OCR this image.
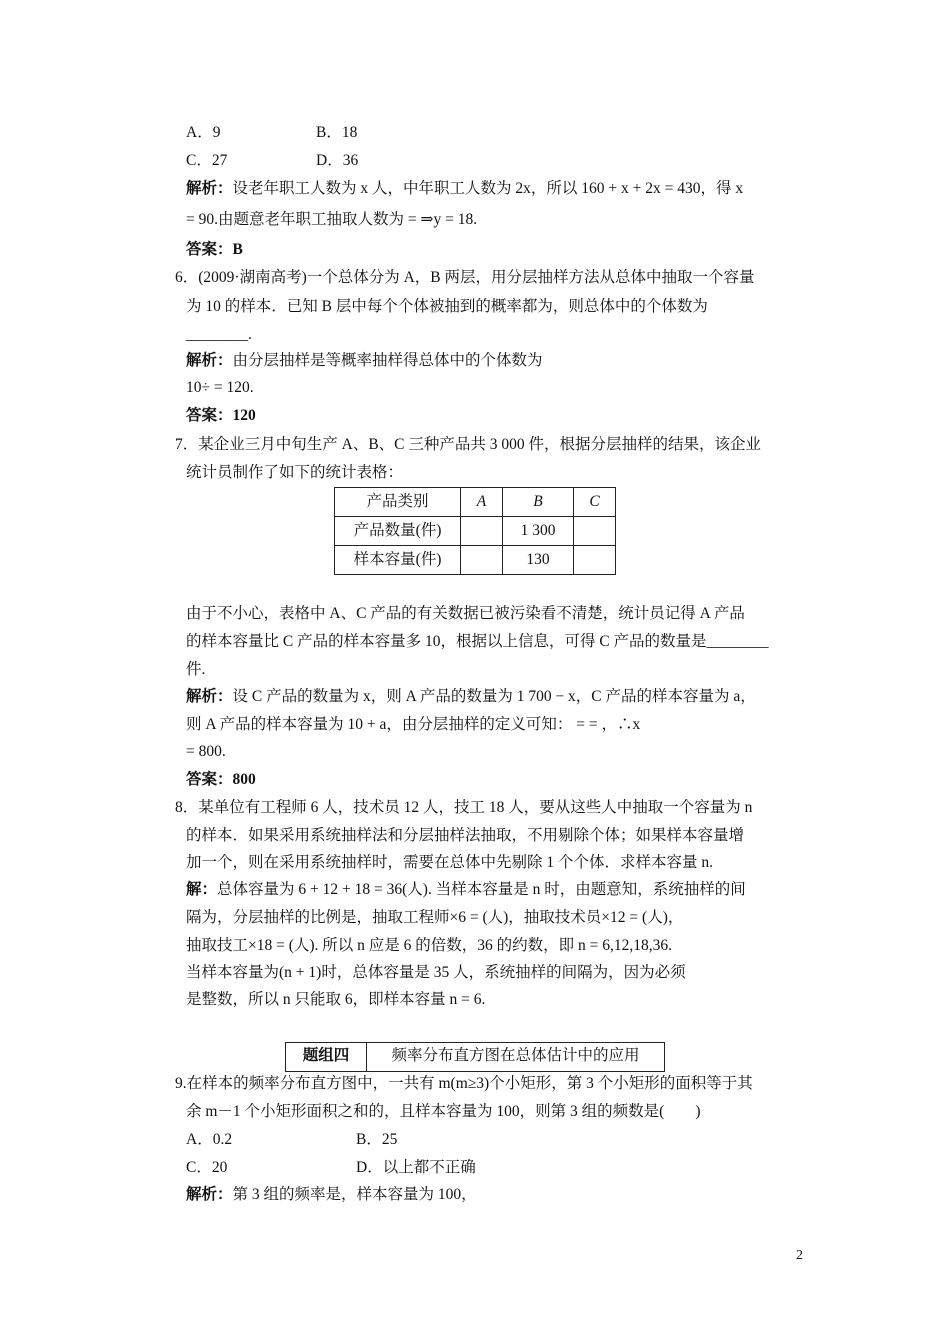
A．9	B．18
C．27	D．36
解析：设老年职工人数为 x 人，中年职工人数为 2x，所以 160 + x + 2x = 430，得 x
= 90.由题意老年职工抽取人数为 = ⇒y = 18.
答案：B
6．(2009·湖南高考)一个总体分为 A，B 两层，用分层抽样方法从总体中抽取一个容量
为 10 的样本．已知 B 层中每个个体被抽到的概率都为，则总体中的个体数为
________.
解析：由分层抽样是等概率抽样得总体中的个体数为
10÷ = 120.
答案：120
7．某企业三月中旬生产 A、B、C 三种产品共 3 000 件，根据分层抽样的结果，该企业
统计员制作了如下的统计表格：
产品类别	A	B	C
产品数量(件)		1 300	
样本容量(件)		130	
由于不小心，表格中 A、C 产品的有关数据已被污染看不清楚，统计员记得 A 产品
的样本容量比 C 产品的样本容量多 10，根据以上信息，可得 C 产品的数量是________
件.
解析：设 C 产品的数量为 x，则 A 产品的数量为 1 700 − x，C 产品的样本容量为 a，
则 A 产品的样本容量为 10 + a，由分层抽样的定义可知： = = ，∴x
= 800.
答案：800
8．某单位有工程师 6 人，技术员 12 人，技工 18 人，要从这些人中抽取一个容量为 n
的样本．如果采用系统抽样法和分层抽样法抽取，不用剔除个体；如果样本容量增
加一个，则在采用系统抽样时，需要在总体中先剔除 1 个个体．求样本容量 n.
解：总体容量为 6 + 12 + 18 = 36(人). 当样本容量是 n 时，由题意知，系统抽样的间
隔为，分层抽样的比例是，抽取工程师×6 = (人)，抽取技术员×12 = (人)，
抽取技工×18 = (人). 所以 n 应是 6 的倍数，36 的约数，即 n = 6,12,18,36.
当样本容量为(n + 1)时，总体容量是 35 人，系统抽样的间隔为，因为必须
是整数，所以 n 只能取 6，即样本容量 n = 6.
题组四	频率分布直方图在总体估计中的应用
9.在样本的频率分布直方图中，一共有 m(m≥3)个小矩形，第 3 个小矩形的面积等于其
余 m－1 个小矩形面积之和的，且样本容量为 100，则第 3 组的频数是(　　)
A．0.2	B．25
C．20	D．以上都不正确
解析：第 3 组的频率是，样本容量为 100，
2
